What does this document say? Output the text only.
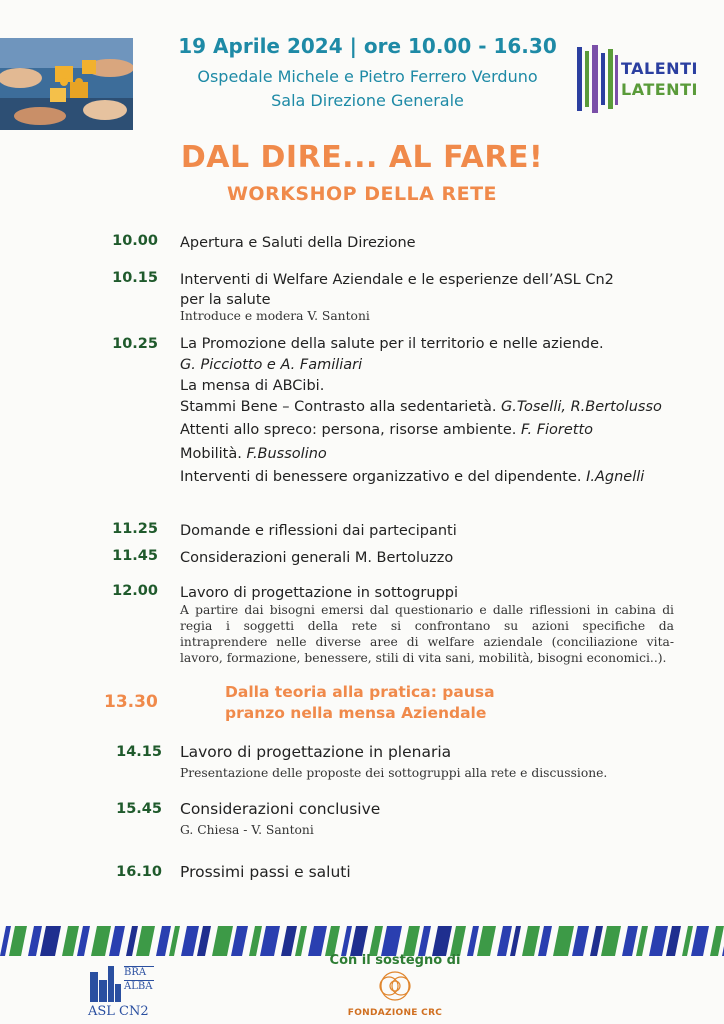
19 Aprile 2024 | ore 10.00 - 16.30
Ospedale Michele e Pietro Ferrero Verduno
Sala Direzione Generale
TALENTI
LATENTI
DAL DIRE... AL FARE!
WORKSHOP DELLA RETE
10.00 Apertura e Saluti della Direzione
10.15 Interventi di Welfare Aziendale e le esperienze dell’ASL Cn2
per la salute
Introduce e modera V. Santoni
10.25 La Promozione della salute per il territorio e nelle aziende.
G. Picciotto e A. Familiari
La mensa di ABCibi.
Stammi Bene – Contrasto alla sedentarietà. G.Toselli, R.Bertolusso
Attenti allo spreco: persona, risorse ambiente. F. Fioretto
Mobilità. F.Bussolino
Interventi di benessere organizzativo e del dipendente. I.Agnelli
11.25 Domande e riflessioni dai partecipanti
11.45 Considerazioni generali M. Bertoluzzo
12.00 Lavoro di progettazione in sottogruppi
A partire dai bisogni emersi dal questionario e dalle riflessioni in cabina di
regia i soggetti della rete si confrontano su azioni specifiche da
intraprendere nelle diverse aree di welfare aziendale (conciliazione vita-
lavoro, formazione, benessere, stili di vita sani, mobilità, bisogni economici..).
13.30	Dalla teoria alla pratica: pausa
pranzo nella mensa Aziendale
14.15 Lavoro di progettazione in plenaria
Presentazione delle proposte dei sottogruppi alla rete e discussione.
15.45 Considerazioni conclusive
G. Chiesa - V. Santoni
16.10 Prossimi passi e saluti
Con il sostegno di
BRA
ALBA
ASL CN2	FONDAZIONE CRC
